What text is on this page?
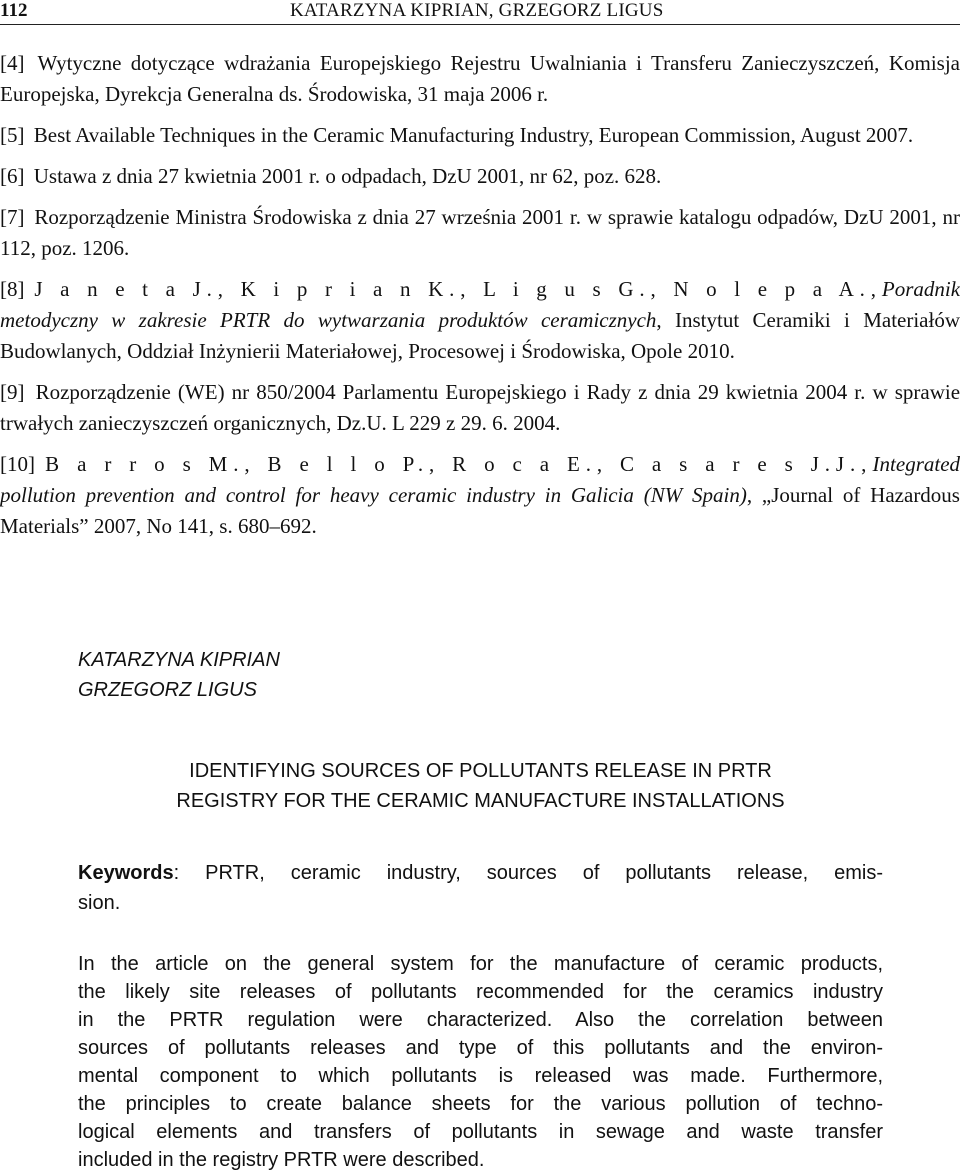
112	KATARZYNA KIPRIAN, GRZEGORZ LIGUS

[4] Wytyczne dotyczące wdrażania Europejskiego Rejestru Uwalniania i Transferu Zanieczyszczeń, Komisja Europejska, Dyrekcja Generalna ds. Środowiska, 31 maja 2006 r.

[5] Best Available Techniques in the Ceramic Manufacturing Industry, European Commission, August 2007.

[6] Ustawa z dnia 27 kwietnia 2001 r. o odpadach, DzU 2001, nr 62, poz. 628.

[7] Rozporządzenie Ministra Środowiska z dnia 27 września 2001 r. w sprawie katalogu odpadów, DzU 2001, nr 112, poz. 1206.

[8] J a n e t a J., K i p r i a n K., L i g u s G., N o l e p a A., Poradnik metodyczny w zakresie PRTR do wytwarzania produktów ceramicznych, Instytut Ceramiki i Materiałów Budowlanych, Oddział Inżynierii Materiałowej, Procesowej i Środowiska, Opole 2010.

[9] Rozporządzenie (WE) nr 850/2004 Parlamentu Europejskiego i Rady z dnia 29 kwietnia 2004 r. w sprawie trwałych zanieczyszczeń organicznych, Dz.U. L 229 z 29. 6. 2004.

[10] B a r r o s M., B e l l o P., R o c a E., C a s a r e s J.J., Integrated pollution prevention and control for heavy ceramic industry in Galicia (NW Spain), „Journal of Hazardous Materials” 2007, No 141, s. 680–692.

KATARZYNA KIPRIAN
GRZEGORZ LIGUS
IDENTIFYING SOURCES OF POLLUTANTS RELEASE IN PRTR
REGISTRY FOR THE CERAMIC MANUFACTURE INSTALLATIONS
Keywords: PRTR, ceramic industry, sources of pollutants release, emis-
sion.
In the article on the general system for the manufacture of ceramic products,
the likely site releases of pollutants recommended for the ceramics industry
in the PRTR regulation were characterized. Also the correlation between
sources of pollutants releases and type of this pollutants and the environ-
mental component to which pollutants is released was made. Furthermore,
the principles to create balance sheets for the various pollution of techno-
logical elements and transfers of pollutants in sewage and waste transfer
included in the registry PRTR were described.
